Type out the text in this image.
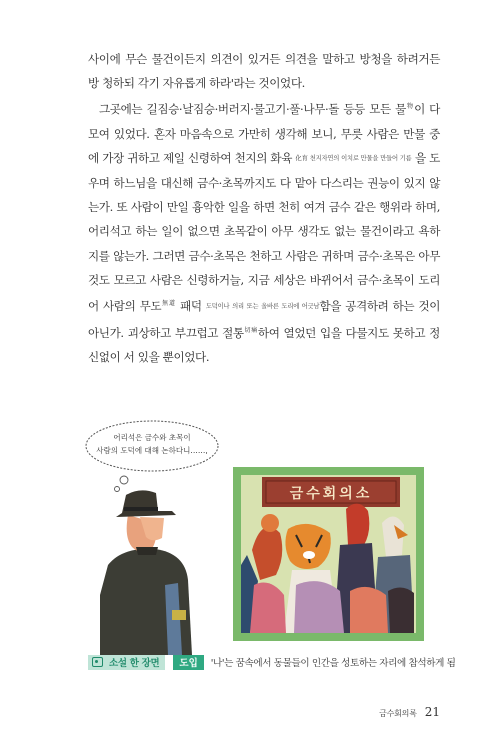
사이에 무슨 물건이든지 의견이 있거든 의견을 말하고 방청을 하려거든 방 청하되 각기 자유롭게 하라'라는 것이었다.

그곳에는 길짐승·날짐승·버러지·물고기·풀·나무·돌 등등 모든 물$^物$이 다 모여 있었다. 혼자 마음속으로 가만히 생각해 보니, 무릇 사람은 만물 중에 가장 귀하고 제일 신령하여 천지의 화육 化育 천지자연의 이치로 만물을 만들어 기름 을 도우며 하느님을 대신해 금수·초목까지도 다 맡아 다스리는 권능이 있지 않는가. 또 사람이 만일 흉악한 일을 하면 천히 여겨 금수 같은 행위라 하며, 어리석고 하는 일이 없으면 초목같이 아무 생각도 없는 물건이라고 욕하지를 않는가. 그러면 금수·초목은 천하고 사람은 귀하며 금수·초목은 아무것도 모르고 사람은 신령하거늘, 지금 세상은 바뀌어서 금수·초목이 도리어 사람의 무도$^{無道}$ 패덕 도덕이나 의리 또는 올바른 도리에 어긋남함을 공격하려 하는 것이 아닌가. 괴상하고 부끄럽고 절통$^{切痛}$하여 열었던 입을 다물지도 못하고 정신없이 서 있을 뿐이었다.

어리석은 금수와 초목이
사람의 도덕에 대해 논하다니……,
금수회의소
소설 한 장면	도입	'나'는 꿈속에서 동물들이 인간을 성토하는 자리에 참석하게 됨
금수회의록 21
